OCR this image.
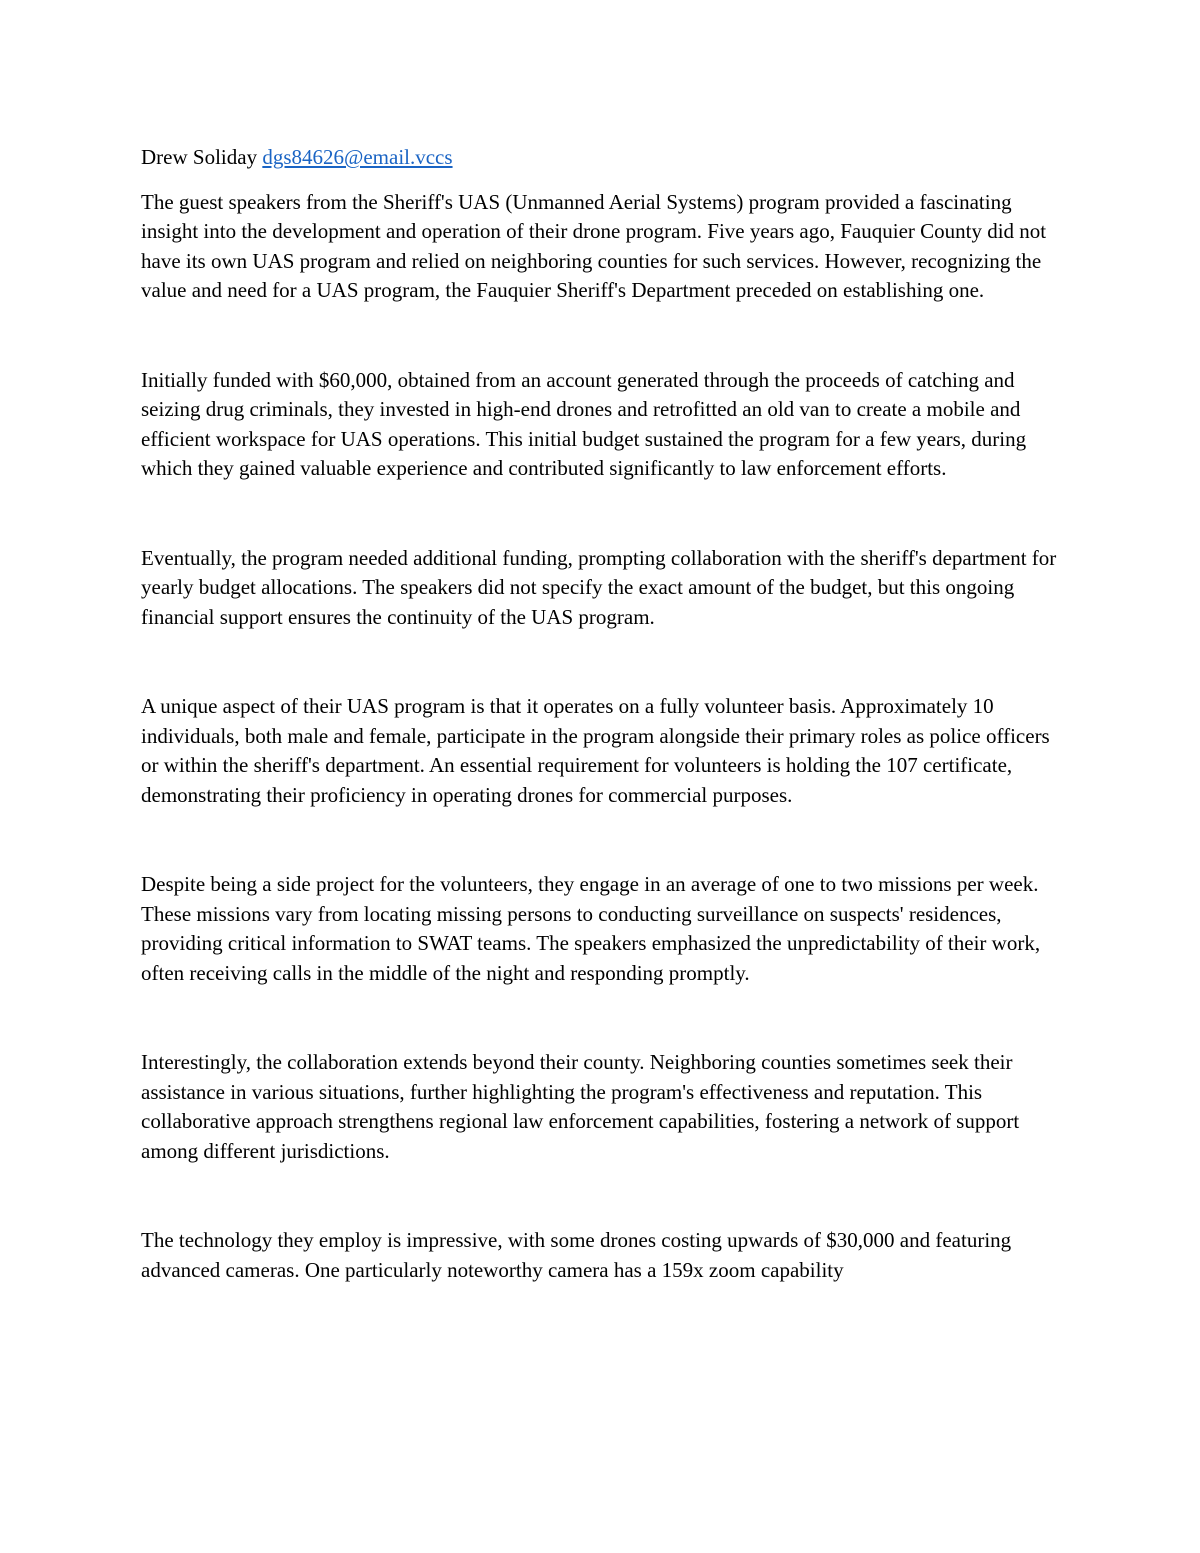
Drew Soliday dgs84626@email.vccs

The guest speakers from the Sheriff's UAS (Unmanned Aerial Systems) program provided a fascinating insight into the development and operation of their drone program. Five years ago, Fauquier County did not have its own UAS program and relied on neighboring counties for such services. However, recognizing the value and need for a UAS program, the Fauquier Sheriff's Department preceded on establishing one.

Initially funded with $60,000, obtained from an account generated through the proceeds of catching and seizing drug criminals, they invested in high-end drones and retrofitted an old van to create a mobile and efficient workspace for UAS operations. This initial budget sustained the program for a few years, during which they gained valuable experience and contributed significantly to law enforcement efforts.

Eventually, the program needed additional funding, prompting collaboration with the sheriff's department for yearly budget allocations. The speakers did not specify the exact amount of the budget, but this ongoing financial support ensures the continuity of the UAS program.

A unique aspect of their UAS program is that it operates on a fully volunteer basis. Approximately 10 individuals, both male and female, participate in the program alongside their primary roles as police officers or within the sheriff's department. An essential requirement for volunteers is holding the 107 certificate, demonstrating their proficiency in operating drones for commercial purposes.

Despite being a side project for the volunteers, they engage in an average of one to two missions per week. These missions vary from locating missing persons to conducting surveillance on suspects' residences, providing critical information to SWAT teams. The speakers emphasized the unpredictability of their work, often receiving calls in the middle of the night and responding promptly.

Interestingly, the collaboration extends beyond their county. Neighboring counties sometimes seek their assistance in various situations, further highlighting the program's effectiveness and reputation. This collaborative approach strengthens regional law enforcement capabilities, fostering a network of support among different jurisdictions.

The technology they employ is impressive, with some drones costing upwards of $30,000 and featuring advanced cameras. One particularly noteworthy camera has a 159x zoom capability
